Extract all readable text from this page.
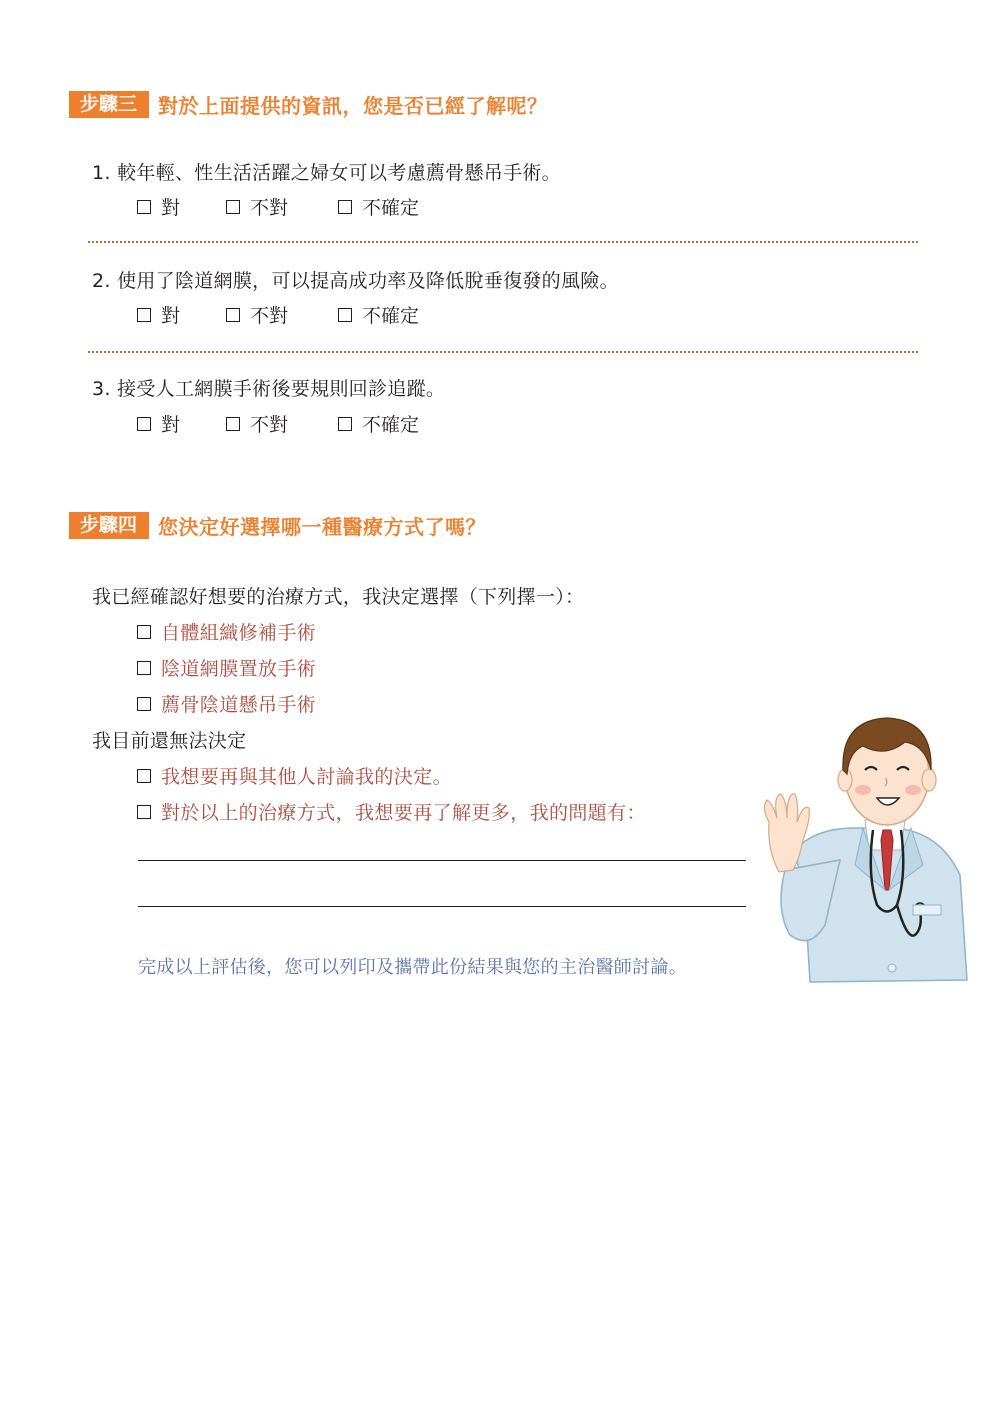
步驟三	對於上面提供的資訊，您是否已經了解呢？
1. 較年輕、性生活活躍之婦女可以考慮薦骨懸吊手術。
對	不對	不確定
2. 使用了陰道網膜，可以提高成功率及降低脫垂復發的風險。
對	不對	不確定
3. 接受人工網膜手術後要規則回診追蹤。
對	不對	不確定
步驟四	您決定好選擇哪一種醫療方式了嗎？
我已經確認好想要的治療方式，我決定選擇（下列擇一）：
自體組織修補手術
陰道網膜置放手術
薦骨陰道懸吊手術
我目前還無法決定
我想要再與其他人討論我的決定。
對於以上的治療方式，我想要再了解更多，我的問題有：
完成以上評估後，您可以列印及攜帶此份結果與您的主治醫師討論。
